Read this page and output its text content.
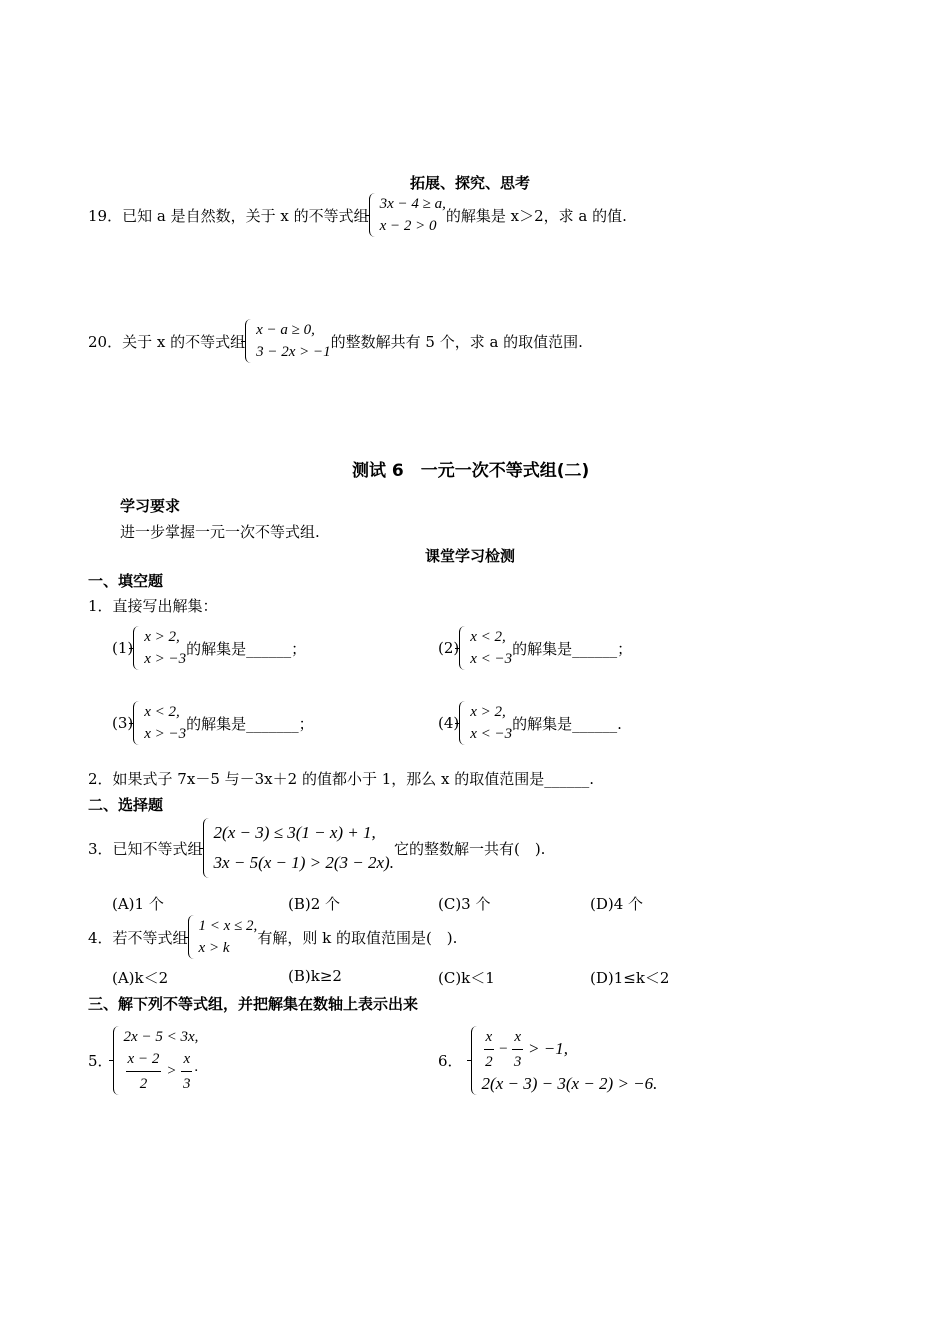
拓展、探究、思考
19． 已知 a 是自然数，关于 x 的不等式组
3x − 4 ≥ a,
x − 2 > 0
的解集是 x＞2，求 a 的值.
20． 关于 x 的不等式组
x − a ≥ 0,
3 − 2x > −1
的整数解共有 5 个，求 a 的取值范围.
测试 6　一元一次不等式组(二)
学习要求
进一步掌握一元一次不等式组.
课堂学习检测
一、填空题
1．直接写出解集：
(1)
x > 2,
x > −3
的解集是______；	(2)
x < 2,
x < −3
的解集是______；
(3)
x < 2,
x > −3
的解集是_______；	(4)
x > 2,
x < −3
的解集是______.
2．如果式子 7x－5 与－3x＋2 的值都小于 1，那么 x 的取值范围是______.
二、选择题
3．已知不等式组
2(x − 3) ≤ 3(1 − x) + 1,
3x − 5(x − 1) > 2(3 − 2x).
它的整数解一共有(　).
(A)1 个	(B)2 个	(C)3 个	(D)4 个
4．若不等式组
1 < x ≤ 2,
x > k
有解，则 k 的取值范围是(　).
(A)k＜2	(B)k≥2	(C)k＜1	(D)1≤k＜2
三、解下列不等式组，并把解集在数轴上表示出来
5．
2x − 5 < 3x,
$\frac{x - 2}{2} > \frac{x}{3}$ ·
6． $\frac{x}{2} - \frac{x}{3} > -1$,
2(x − 3) − 3(x − 2) > −6.
